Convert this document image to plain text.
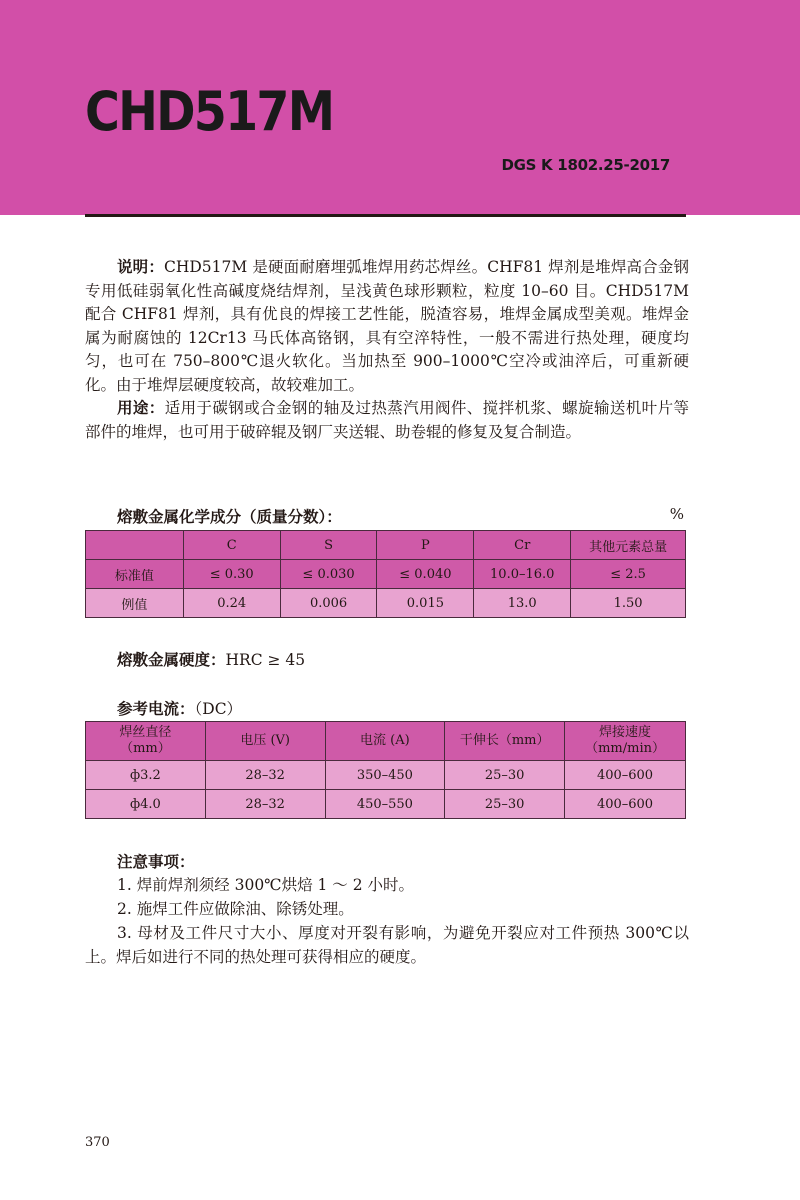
CHD517M
DGS K 1802.25-2017

说明：CHD517M 是硬面耐磨埋弧堆焊用药芯焊丝。CHF81 焊剂是堆焊高合金钢专用低硅弱氧化性高碱度烧结焊剂，呈浅黄色球形颗粒，粒度 10–60 目。CHD517M 配合 CHF81 焊剂，具有优良的焊接工艺性能，脱渣容易，堆焊金属成型美观。堆焊金属为耐腐蚀的 12Cr13 马氏体高铬钢，具有空淬特性，一般不需进行热处理，硬度均匀，也可在 750–800℃退火软化。当加热至 900–1000℃空冷或油淬后，可重新硬化。由于堆焊层硬度较高，故较难加工。

用途：适用于碳钢或合金钢的轴及过热蒸汽用阀件、搅拌机浆、螺旋输送机叶片等部件的堆焊，也可用于破碎辊及钢厂夹送辊、助卷辊的修复及复合制造。

熔敷金属化学成分（质量分数）：	%
	C	S	P	Cr	其他元素总量
标准值	≤ 0.30	≤ 0.030	≤ 0.040	10.0–16.0	≤ 2.5
例值	0.24	0.006	0.015	13.0	1.50
熔敷金属硬度：HRC ≥ 45
参考电流：（DC）
焊丝直径
（mm）	电压 (V)	电流 (A)	干伸长（mm）	焊接速度
（mm/min）
ф3.2	28–32	350–450	25–30	400–600
ф4.0	28–32	450–550	25–30	400–600
注意事项：

1. 焊前焊剂须经 300℃烘焙 1 ～ 2 小时。

2. 施焊工件应做除油、除锈处理。

3. 母材及工件尺寸大小、厚度对开裂有影响，为避免开裂应对工件预热 300℃以上。焊后如进行不同的热处理可获得相应的硬度。

370
